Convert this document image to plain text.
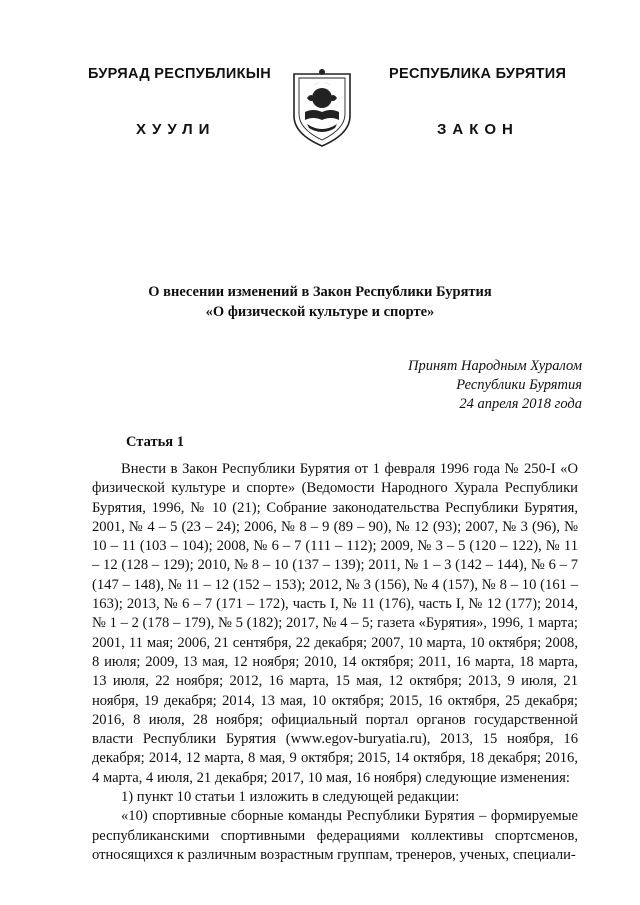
БУРЯАД РЕСПУБЛИКЫН
ХУУЛИ
РЕСПУБЛИКА БУРЯТИЯ
ЗАКОН
О внесении изменений в Закон Республики Бурятия
«О физической культуре и спорте»
Принят Народным Хуралом
Республики Бурятия
24 апреля 2018 года
Статья 1

Внести в Закон Республики Бурятия от 1 февраля 1996 года № 250-I «О физической культуре и спорте» (Ведомости Народного Хурала Республики Бурятия, 1996, № 10 (21); Собрание законодательства Республики Бурятия, 2001, № 4 – 5 (23 – 24); 2006, № 8 – 9 (89 – 90), № 12 (93); 2007, № 3 (96), № 10 – 11 (103 – 104); 2008, № 6 – 7 (111 – 112); 2009, № 3 – 5 (120 – 122), № 11 – 12 (128 – 129); 2010, № 8 – 10 (137 – 139); 2011, № 1 – 3 (142 – 144), № 6 – 7 (147 – 148), № 11 – 12 (152 – 153); 2012, № 3 (156), № 4 (157), № 8 – 10 (161 – 163); 2013, № 6 – 7 (171 – 172), часть I, № 11 (176), часть I, № 12 (177); 2014, № 1 – 2 (178 – 179), № 5 (182); 2017, № 4 – 5; газета «Бурятия», 1996, 1 марта; 2001, 11 мая; 2006, 21 сентября, 22 декабря; 2007, 10 марта, 10 октября; 2008, 8 июля; 2009, 13 мая, 12 ноября; 2010, 14 октября; 2011, 16 марта, 18 марта, 13 июля, 22 ноября; 2012, 16 марта, 15 мая, 12 октября; 2013, 9 июля, 21 ноября, 19 декабря; 2014, 13 мая, 10 октября; 2015, 16 октября, 25 декабря; 2016, 8 июля, 28 ноября; официальный портал органов государственной власти Республики Бурятия (www.egov-buryatia.ru), 2013, 15 ноября, 16 декабря; 2014, 12 марта, 8 мая, 9 октября; 2015, 14 октября, 18 декабря; 2016, 4 марта, 4 июля, 21 декабря; 2017, 10 мая, 16 ноября) следующие изменения:

1) пункт 10 статьи 1 изложить в следующей редакции:

«10) спортивные сборные команды Республики Бурятия – формируемые республиканскими спортивными федерациями коллективы спортсменов, относящихся к различным возрастным группам, тренеров, ученых, специали-
